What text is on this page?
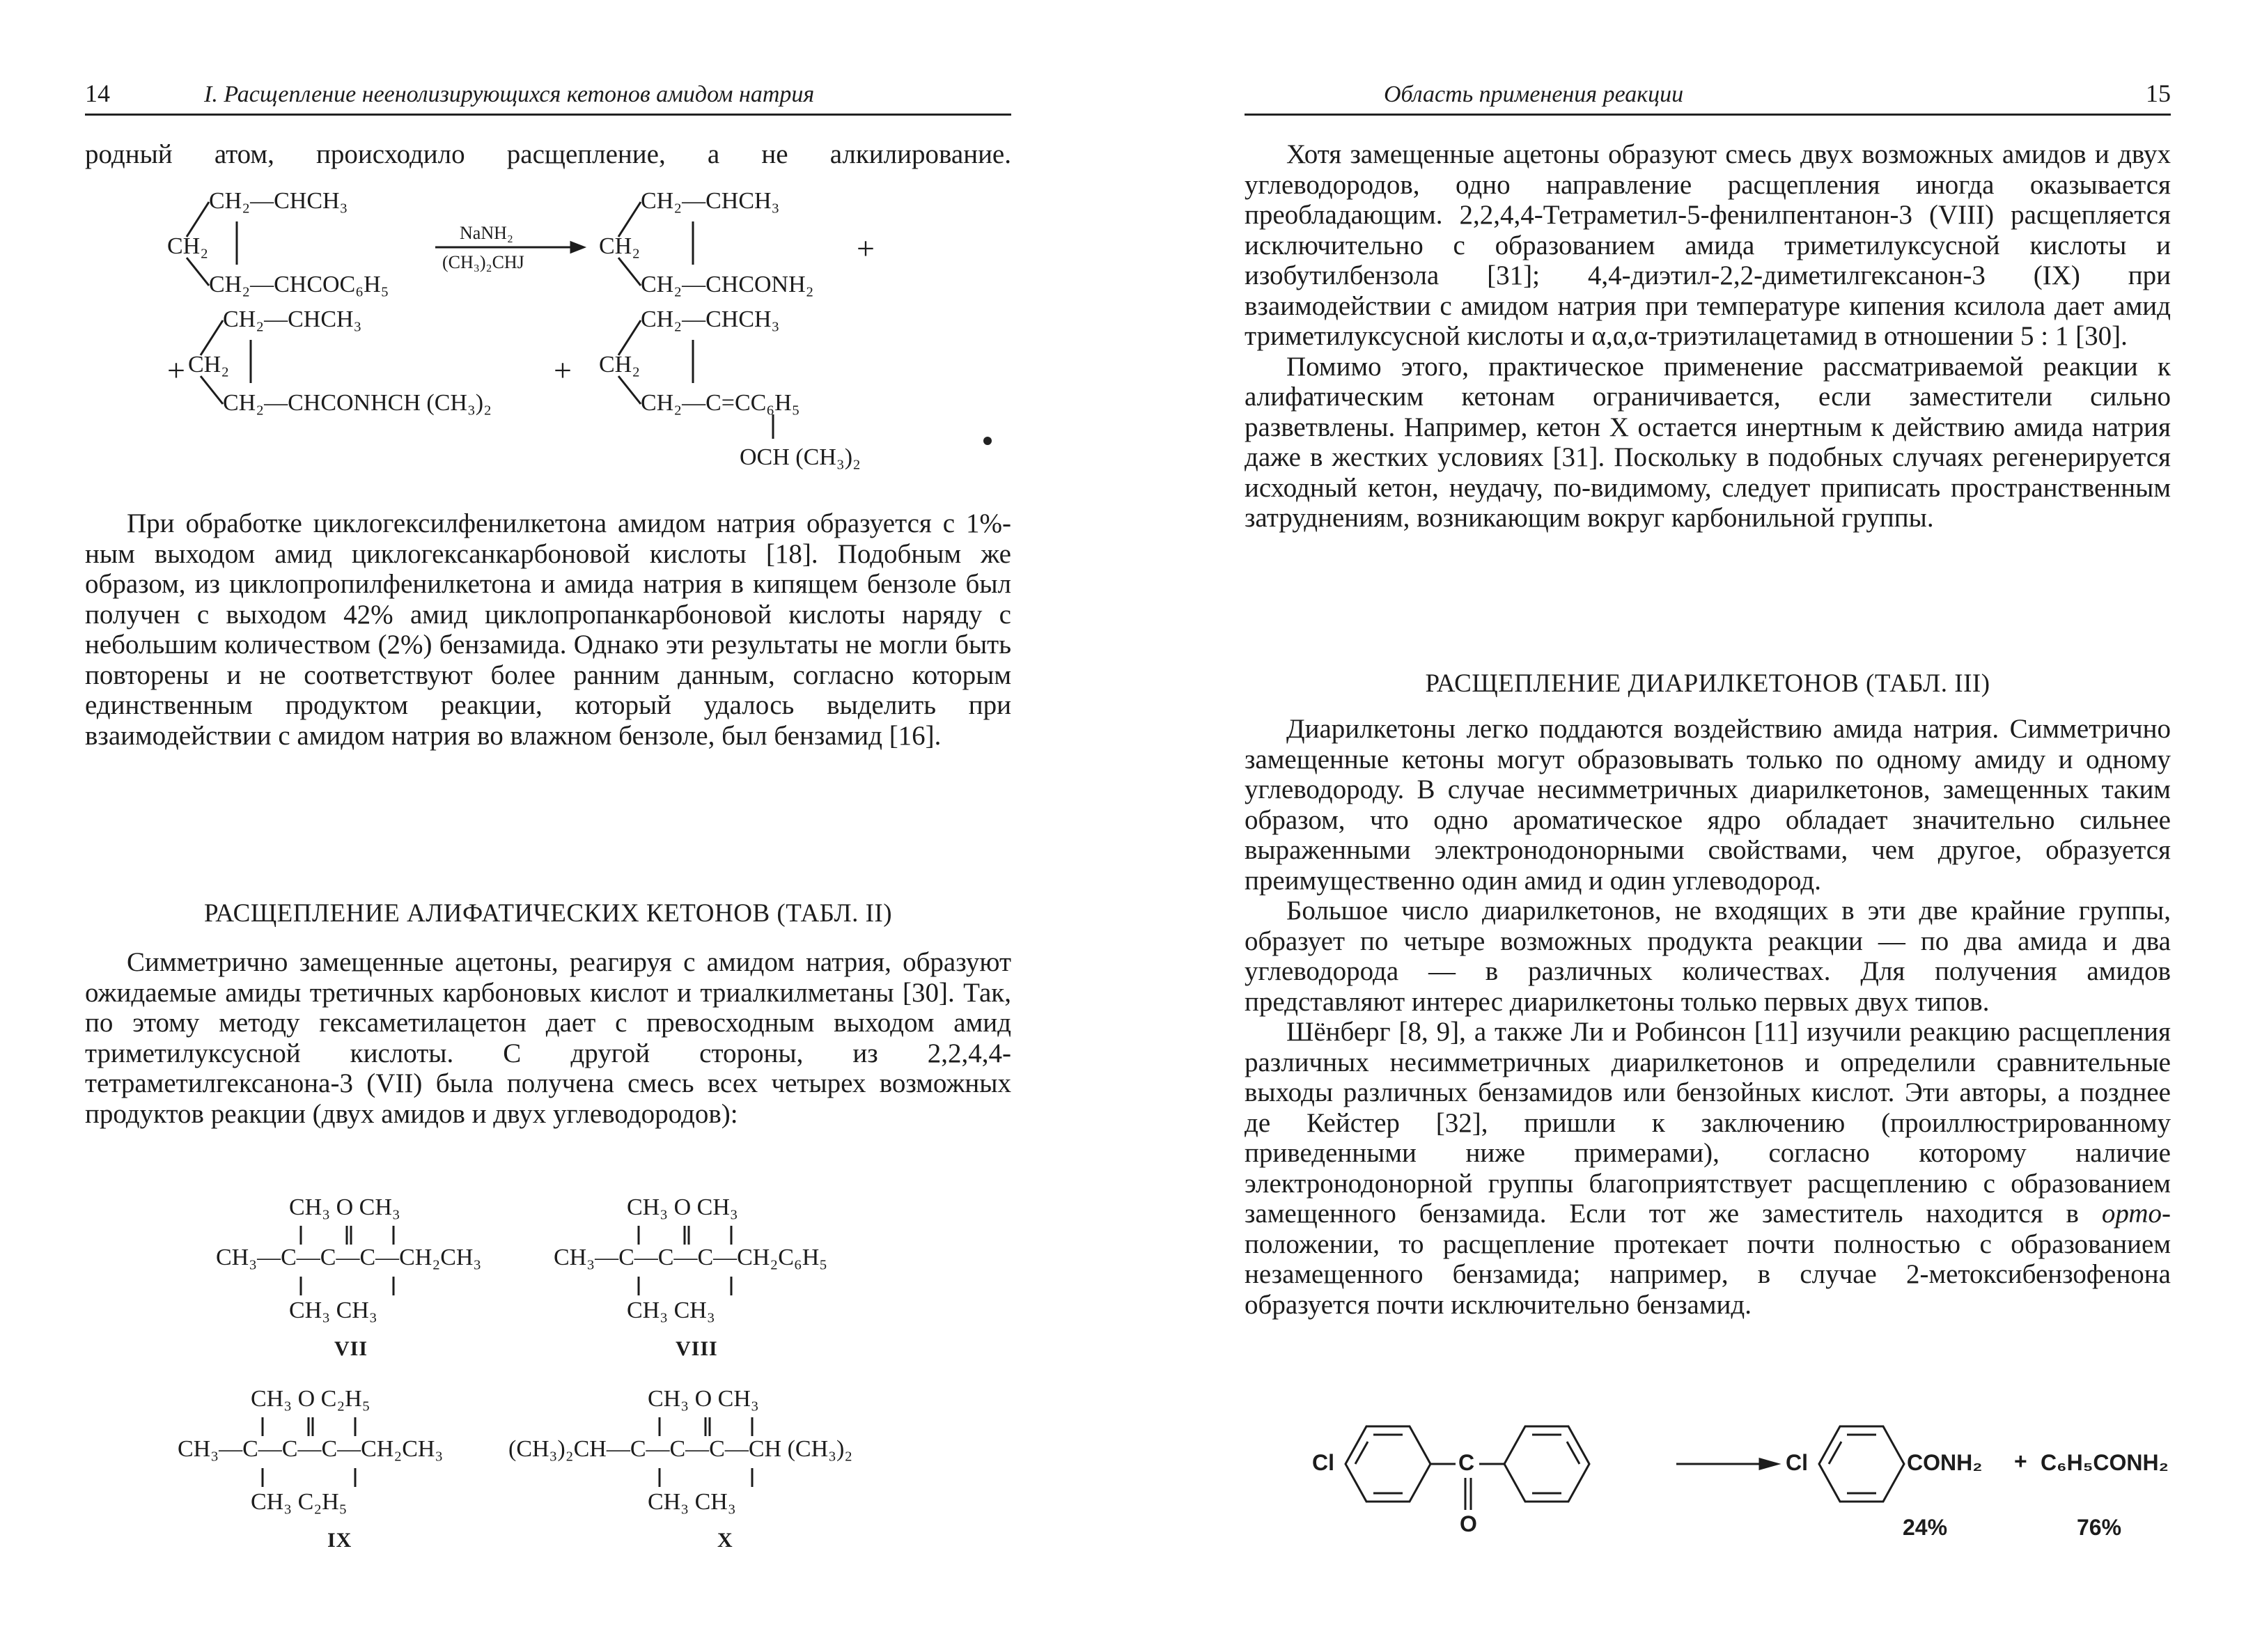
14	I. Расщепление неенолизирующихся кетонов амидом натрия

родный атом, происходило расщепление, а не алкилирование.

CH₂—CHCH₃
CH₂
CH₂—CHCOC₆H₅
NaNH₂
(CH₃)₂CHJ
CH₂—CHCH₃
CH₂
CH₂—CHCONH₂
+
+
CH₂—CHCH₃
CH₂
CH₂—CHCONHCH (CH₃)₂
+
CH₂—CHCH₃
CH₂
CH₂—C=CC₆H₅
OCH (CH₃)₂

При обработке циклогексилфенилкетона амидом натрия образуется с 1%-ным выходом амид циклогексанкарбоновой кислоты [18]. Подобным же образом, из циклопропилфенилкетона и амида натрия в кипящем бензоле был получен с выходом 42% амид циклопропанкарбоновой кислоты наряду с небольшим количеством (2%) бензамида. Однако эти результаты не могли быть повторены и не соответствуют более ранним данным, согласно которым единственным продуктом реакции, который удалось выделить при взаимодействии с амидом натрия во влажном бензоле, был бензамид [16].

РАСЩЕПЛЕНИЕ АЛИФАТИЧЕСКИХ КЕТОНОВ (ТАБЛ. II)

Симметрично замещенные ацетоны, реагируя с амидом натрия, образуют ожидаемые амиды третичных карбоновых кислот и триалкилметаны [30]. Так, по этому методу гексаметилацетон дает с превосходным выходом амид триметилуксусной кислоты. С другой стороны, из 2,2,4,4-тетраметилгексанона-3 (VII) была получена смесь всех четырех возможных продуктов реакции (двух амидов и двух углеводородов):

CH₃ O CH₃
CH₃—C—C—C—CH₂CH₃
CH₃ CH₃
VII
CH₃ O CH₃
CH₃—C—C—C—CH₂C₆H₅
CH₃ CH₃
VIII
CH₃ O C₂H₅
CH₃—C—C—C—CH₂CH₃
CH₃ C₂H₅
IX
CH₃ O CH₃
(CH₃)₂CH—C—C—C—CH (CH₃)₂
CH₃ CH₃
X
Область применения реакции	15

Хотя замещенные ацетоны образуют смесь двух возможных амидов и двух углеводородов, одно направление расщепления иногда оказывается преобладающим. 2,2,4,4-Тетраметил-5-фенилпентанон-3 (VIII) расщепляется исключительно с образованием амида триметилуксусной кислоты и изобутилбензола [31]; 4,4-диэтил-2,2-диметилгексанон-3 (IX) при взаимодействии с амидом натрия при температуре кипения ксилола дает амид триметилуксусной кислоты и α,α,α-триэтилацетамид в отношении 5 : 1 [30].

Помимо этого, практическое применение рассматриваемой реакции к алифатическим кетонам ограничивается, если заместители сильно разветвлены. Например, кетон X остается инертным к действию амида натрия даже в жестких условиях [31]. Поскольку в подобных случаях регенерируется исходный кетон, неудачу, по-видимому, следует приписать пространственным затруднениям, возникающим вокруг карбонильной группы.

РАСЩЕПЛЕНИЕ ДИАРИЛКЕТОНОВ (ТАБЛ. III)

Диарилкетоны легко поддаются воздействию амида натрия. Симметрично замещенные кетоны могут образовывать только по одному амиду и одному углеводороду. В случае несимметричных диарилкетонов, замещенных таким образом, что одно ароматическое ядро обладает значительно сильнее выраженными электронодонорными свойствами, чем другое, образуется преимущественно один амид и один углеводород.

Большое число диарилкетонов, не входящих в эти две крайние группы, образует по четыре возможных продукта реакции — по два амида и два углеводорода — в различных количествах. Для получения амидов представляют интерес диарилкетоны только первых двух типов.

Шёнберг [8, 9], а также Ли и Робинсон [11] изучили реакцию расщепления различных несимметричных диарилкетонов и определили сравнительные выходы различных бензамидов или бензойных кислот. Эти авторы, а позднее де Кейстер [32], пришли к заключению (проиллюстрированному приведенными ниже примерами), согласно которому наличие электронодонорной группы благоприятствует расщеплению с образованием замещенного бензамида. Если тот же заместитель находится в орто-положении, то расщепление протекает почти полностью с образованием незамещенного бензамида; например, в случае 2-метоксибензофенона образуется почти исключительно бензамид.

Cl	C
O
Cl	CONH₂ + C₆H₅CONH₂
24%	76%
